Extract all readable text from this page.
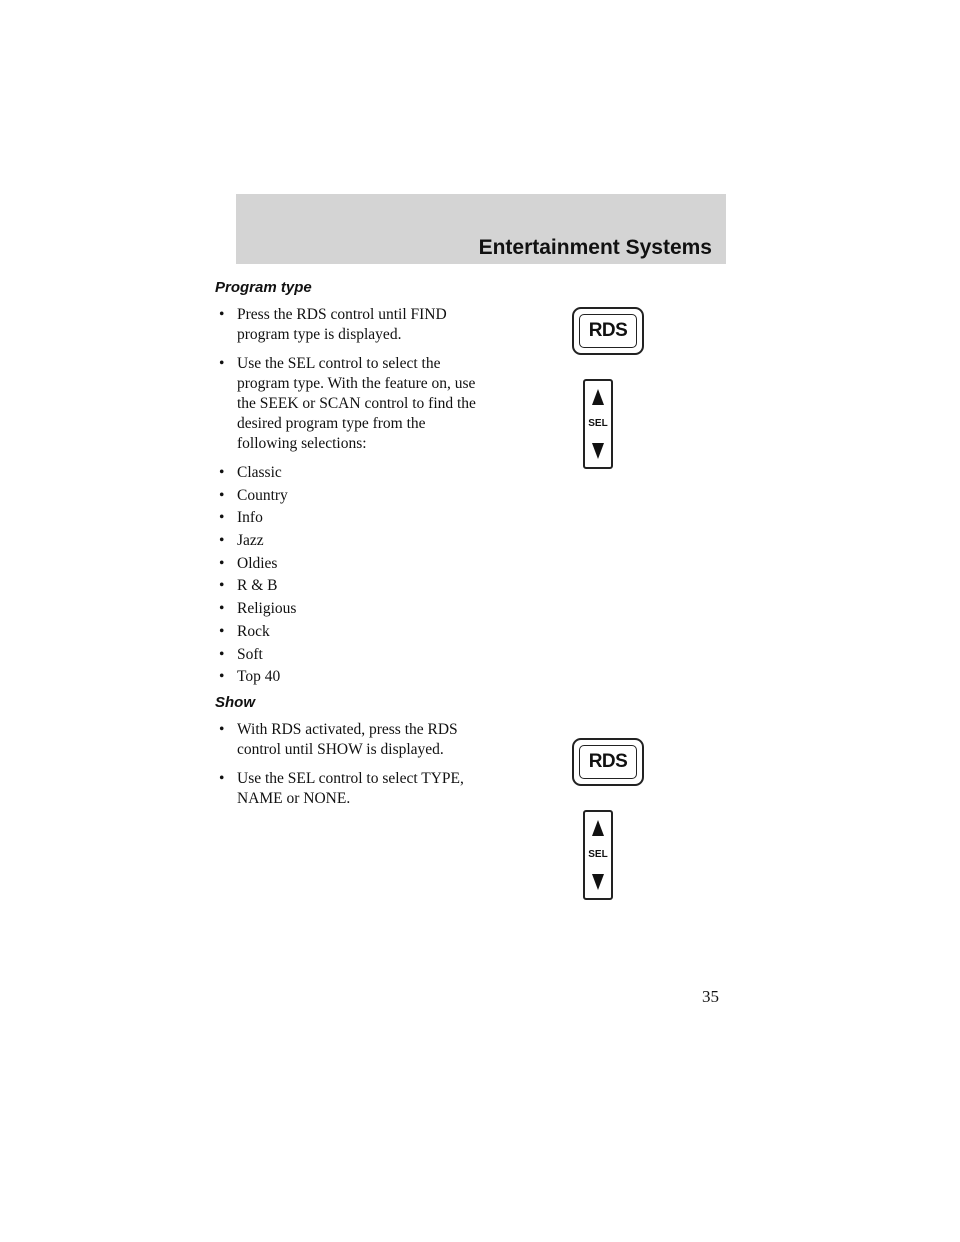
Entertainment Systems
Program type
• Press the RDS control until FIND program type is displayed.
• Use the SEL control to select the program type. With the feature on, use the SEEK or SCAN control to find the desired program type from the following selections:
• Classic
• Country
• Info
• Jazz
• Oldies
• R & B
• Religious
• Rock
• Soft
• Top 40
Show
• With RDS activated, press the RDS control until SHOW is displayed.
• Use the SEL control to select TYPE, NAME or NONE.
RDS
SEL
RDS
SEL
35
